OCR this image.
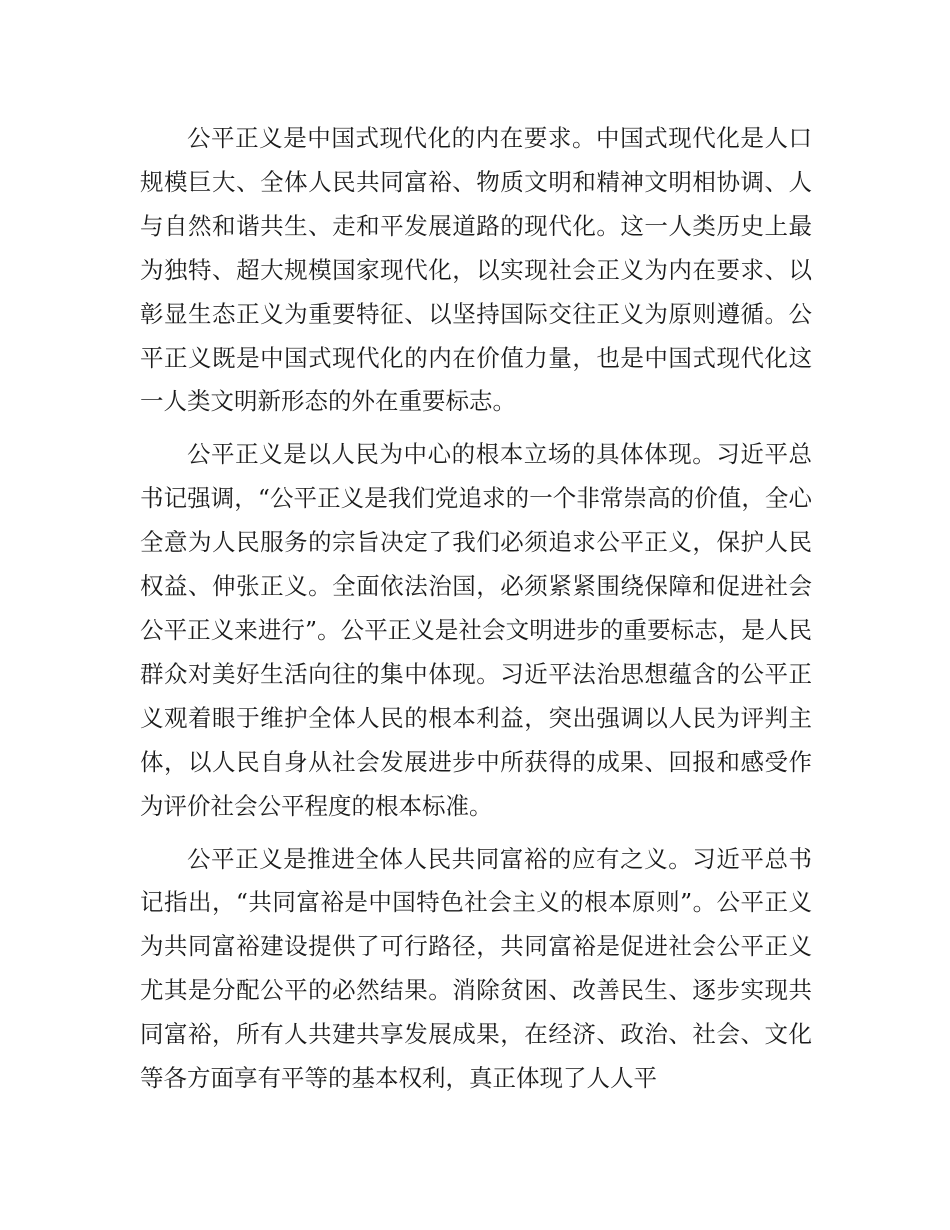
公平正义是中国式现代化的内在要求。中国式现代化是人口规模巨大、全体人民共同富裕、物质文明和精神文明相协调、人与自然和谐共生、走和平发展道路的现代化。这一人类历史上最为独特、超大规模国家现代化，以实现社会正义为内在要求、以彰显生态正义为重要特征、以坚持国际交往正义为原则遵循。公平正义既是中国式现代化的内在价值力量，也是中国式现代化这一人类文明新形态的外在重要标志。

公平正义是以人民为中心的根本立场的具体体现。习近平总书记强调，“公平正义是我们党追求的一个非常崇高的价值，全心全意为人民服务的宗旨决定了我们必须追求公平正义，保护人民权益、伸张正义。全面依法治国，必须紧紧围绕保障和促进社会公平正义来进行”。公平正义是社会文明进步的重要标志，是人民群众对美好生活向往的集中体现。习近平法治思想蕴含的公平正义观着眼于维护全体人民的根本利益，突出强调以人民为评判主体，以人民自身从社会发展进步中所获得的成果、回报和感受作为评价社会公平程度的根本标准。

公平正义是推进全体人民共同富裕的应有之义。习近平总书记指出，“共同富裕是中国特色社会主义的根本原则”。公平正义为共同富裕建设提供了可行路径，共同富裕是促进社会公平正义尤其是分配公平的必然结果。消除贫困、改善民生、逐步实现共同富裕，所有人共建共享发展成果，在经济、政治、社会、文化等各方面享有平等的基本权利，真正体现了人人平
